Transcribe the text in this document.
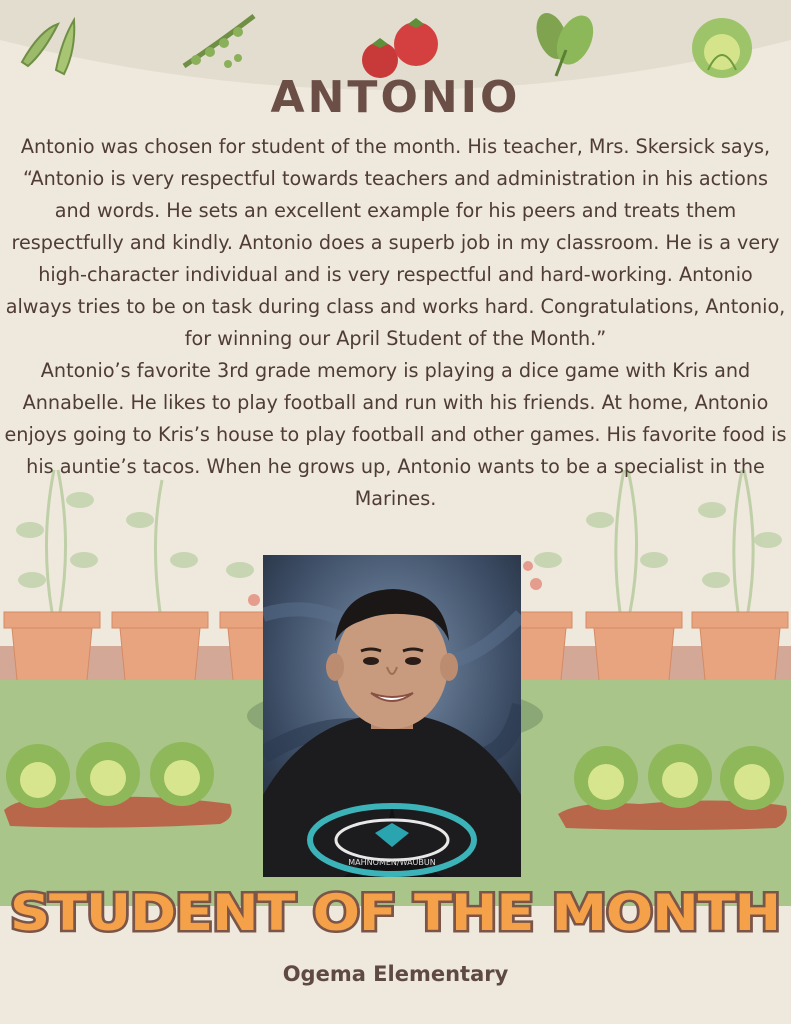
ANTONIO

Antonio was chosen for student of the month. His teacher, Mrs. Skersick says, “Antonio is very respectful towards teachers and administration in his actions and words. He sets an excellent example for his peers and treats them respectfully and kindly. Antonio does a superb job in my classroom. He is a very high-character individual and is very respectful and hard-working. Antonio always tries to be on task during class and works hard. Congratulations, Antonio, for winning our April Student of the Month.”

Antonio’s favorite 3rd grade memory is playing a dice game with Kris and Annabelle. He likes to play football and run with his friends. At home, Antonio enjoys going to Kris’s house to play football and other games. His favorite food is his auntie’s tacos. When he grows up, Antonio wants to be a specialist in the Marines.

MAHNOMEN/WAUBUN
STUDENT OF THE MONTH
Ogema Elementary
